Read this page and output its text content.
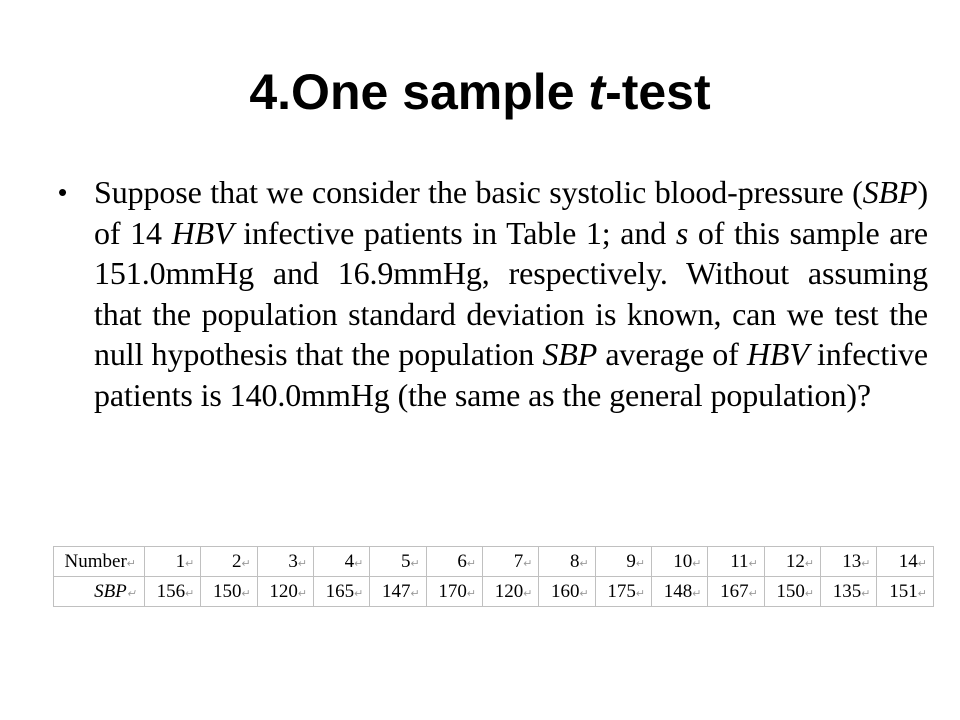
4.One sample t-test
• Suppose that we consider the basic systolic blood-pressure (SBP) of 14 HBV infective patients in Table 1; and s of this sample are 151.0mmHg and 16.9mmHg, respectively. Without assuming that the population standard deviation is known, can we test the null hypothesis that the population SBP average of HBV infective patients is 140.0mmHg (the same as the general population)?
Number↵	1↵	2↵	3↵	4↵	5↵	6↵	7↵	8↵	9↵	10↵	11↵	12↵	13↵	14↵
SBP↵	156↵	150↵	120↵	165↵	147↵	170↵	120↵	160↵	175↵	148↵	167↵	150↵	135↵	151↵
